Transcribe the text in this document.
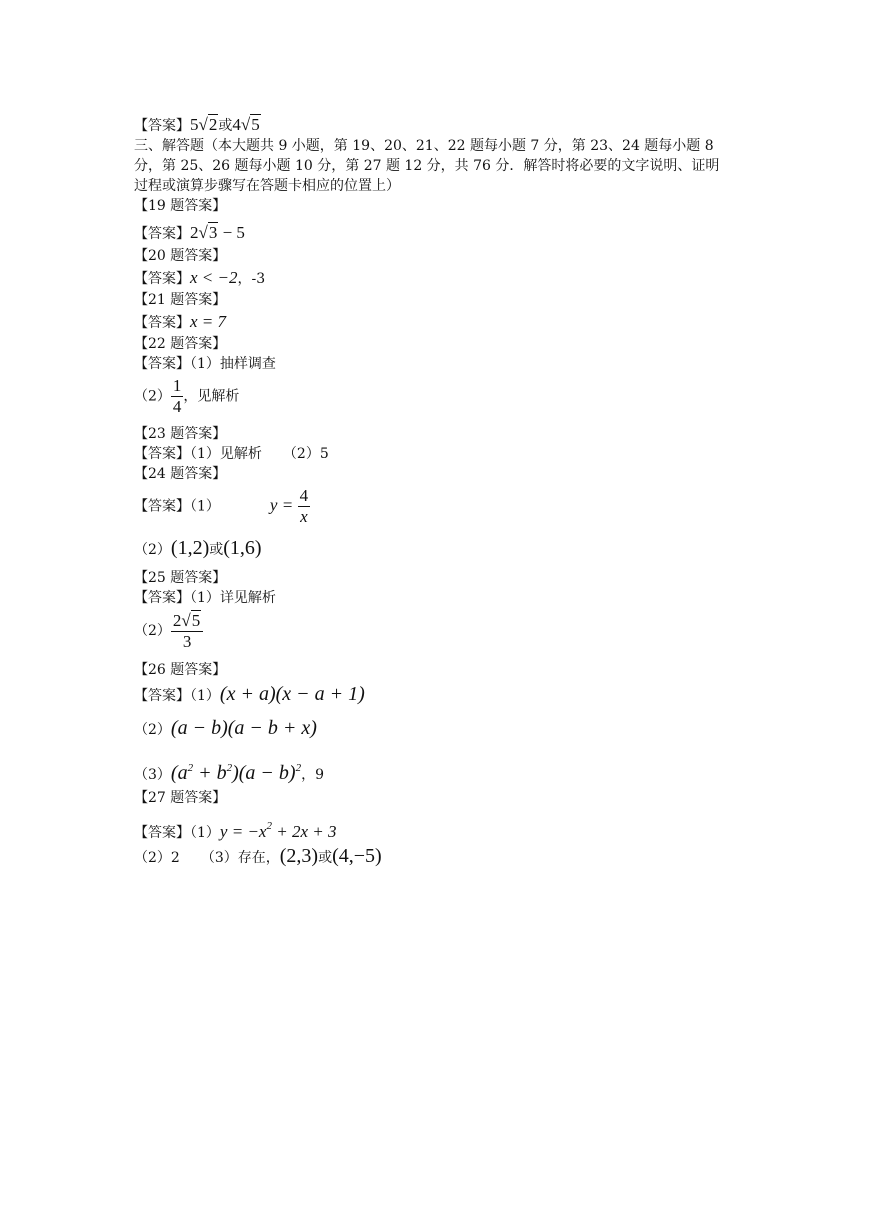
【答案】5√2或4√5
三、解答题（本大题共 9 小题，第 19、20、21、22 题每小题 7 分，第 23、24 题每小题 8
分，第 25、26 题每小题 10 分，第 27 题 12 分，共 76 分．解答时将必要的文字说明、证明
过程或演算步骤写在答题卡相应的位置上）
【19 题答案】
【答案】2√3 − 5
【20 题答案】
【答案】x < −2，-3
【21 题答案】
【答案】x = 7
【22 题答案】
【答案】（1）抽样调查
$(2) \frac{1}{4}$ ，见解析
【23 题答案】
【答案】（1）见解析　　（2）5
【24 题答案】
【答案】（1）	$y = \frac{4}{x}$
（2）(1,2)或(1,6)
【25 题答案】
【答案】（1）详见解析
$(2) \frac{2√5}{3}$
【26 题答案】
【答案】（1）(x + a)(x − a + 1)
（2）(a − b)(a − b + x)
$(3)(a^2 + b^2)(a - b)^2$，9
【27 题答案】
【答案】$(1)y = -x^2 + 2x + 3$
（2）2　　（3）存在，(2,3)或(4,−5)
